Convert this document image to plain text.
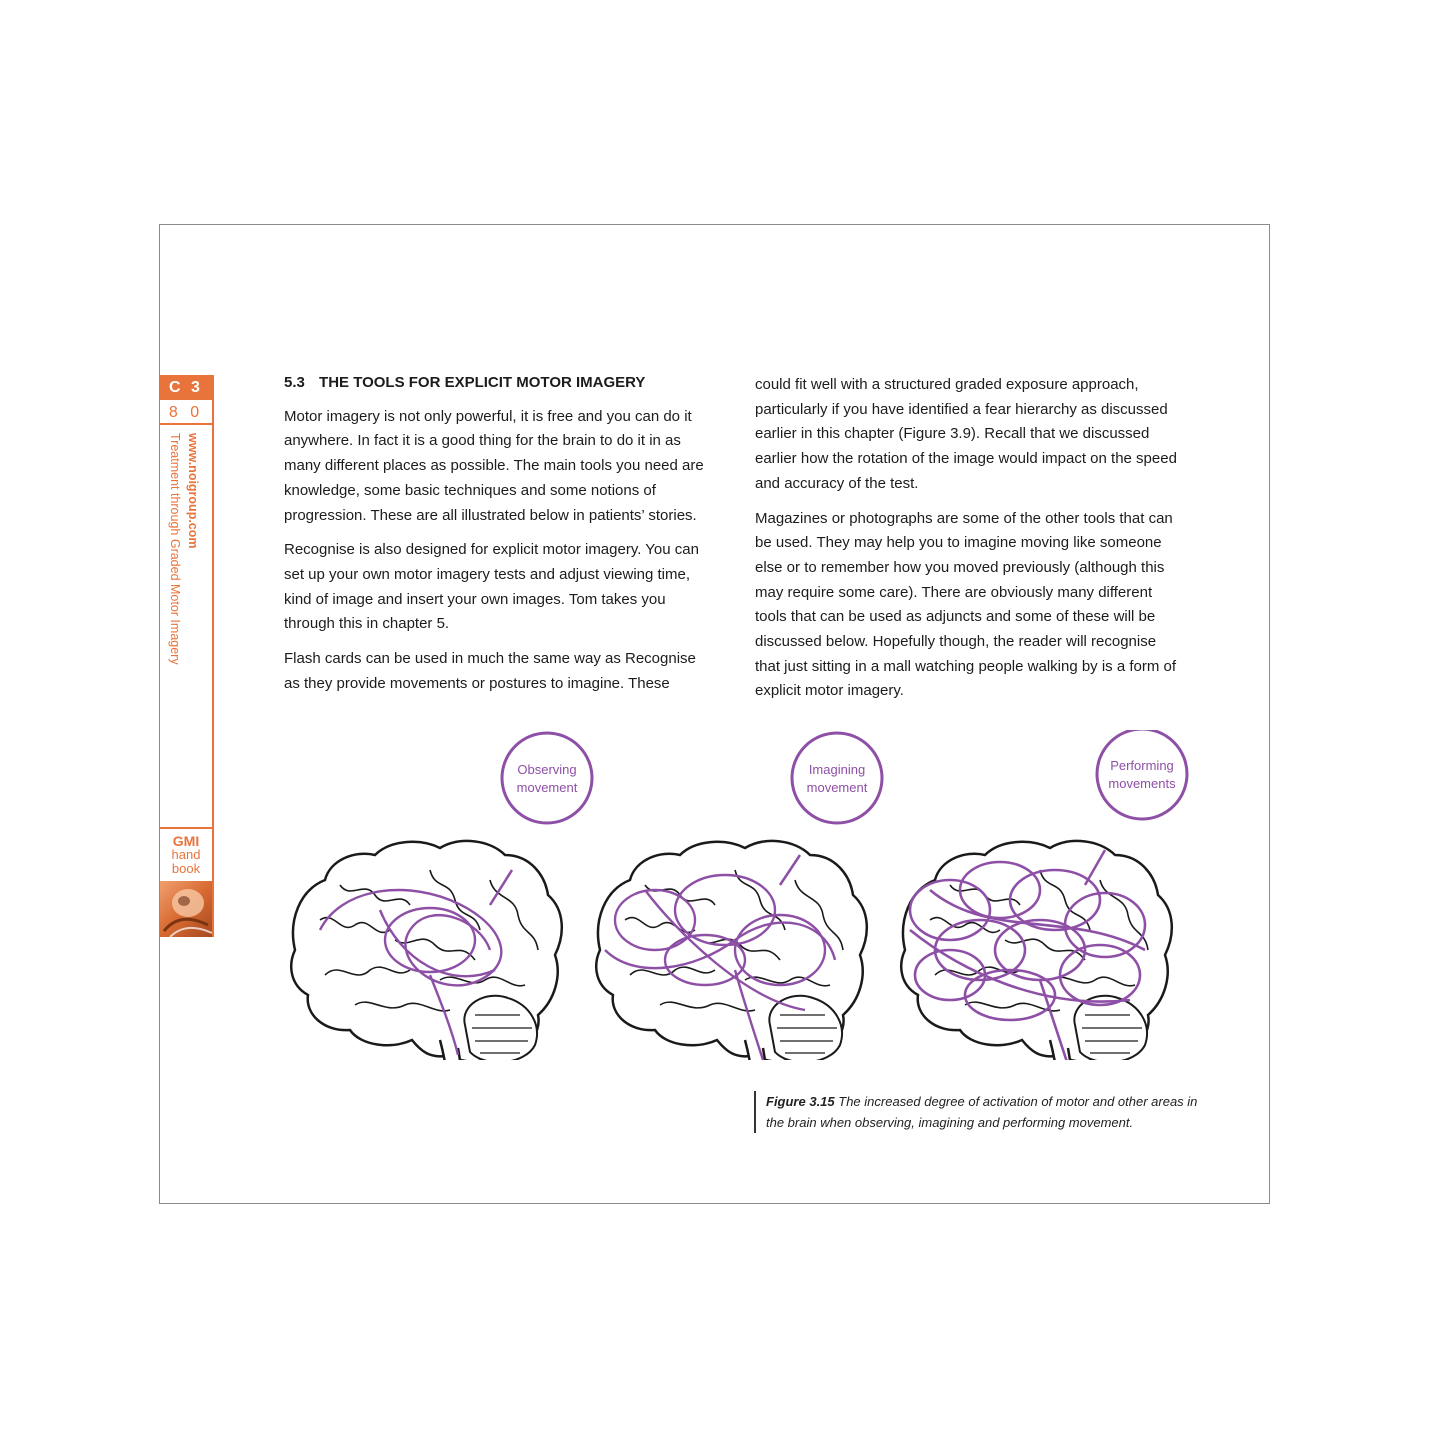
C 3
8 0
www.noigroup.com
Treatment through Graded Motor Imagery
GMI
hand
book
5.3 THE TOOLS FOR EXPLICIT MOTOR IMAGERY

Motor imagery is not only powerful, it is free and you can do it anywhere. In fact it is a good thing for the brain to do it in as many different places as possible. The main tools you need are knowledge, some basic techniques and some notions of progression. These are all illustrated below in patients’ stories.

Recognise is also designed for explicit motor imagery. You can set up your own motor imagery tests and adjust viewing time, kind of image and insert your own images. Tom takes you through this in chapter 5.

Flash cards can be used in much the same way as Recognise as they provide movements or postures to imagine. These

could fit well with a structured graded exposure approach, particularly if you have identified a fear hierarchy as discussed earlier in this chapter (Figure 3.9). Recall that we discussed earlier how the rotation of the image would impact on the speed and accuracy of the test.

Magazines or photographs are some of the other tools that can be used. They may help you to imagine moving like someone else or to remember how you moved previously (although this may require some care). There are obviously many different tools that can be used as adjuncts and some of these will be discussed below. Hopefully though, the reader will recognise that just sitting in a mall watching people walking by is a form of explicit motor imagery.

Observing
movement
Imagining
movement
Performing
movements
Figure 3.15 The increased degree of activation of motor and other areas in the brain when observing, imagining and performing movement.
